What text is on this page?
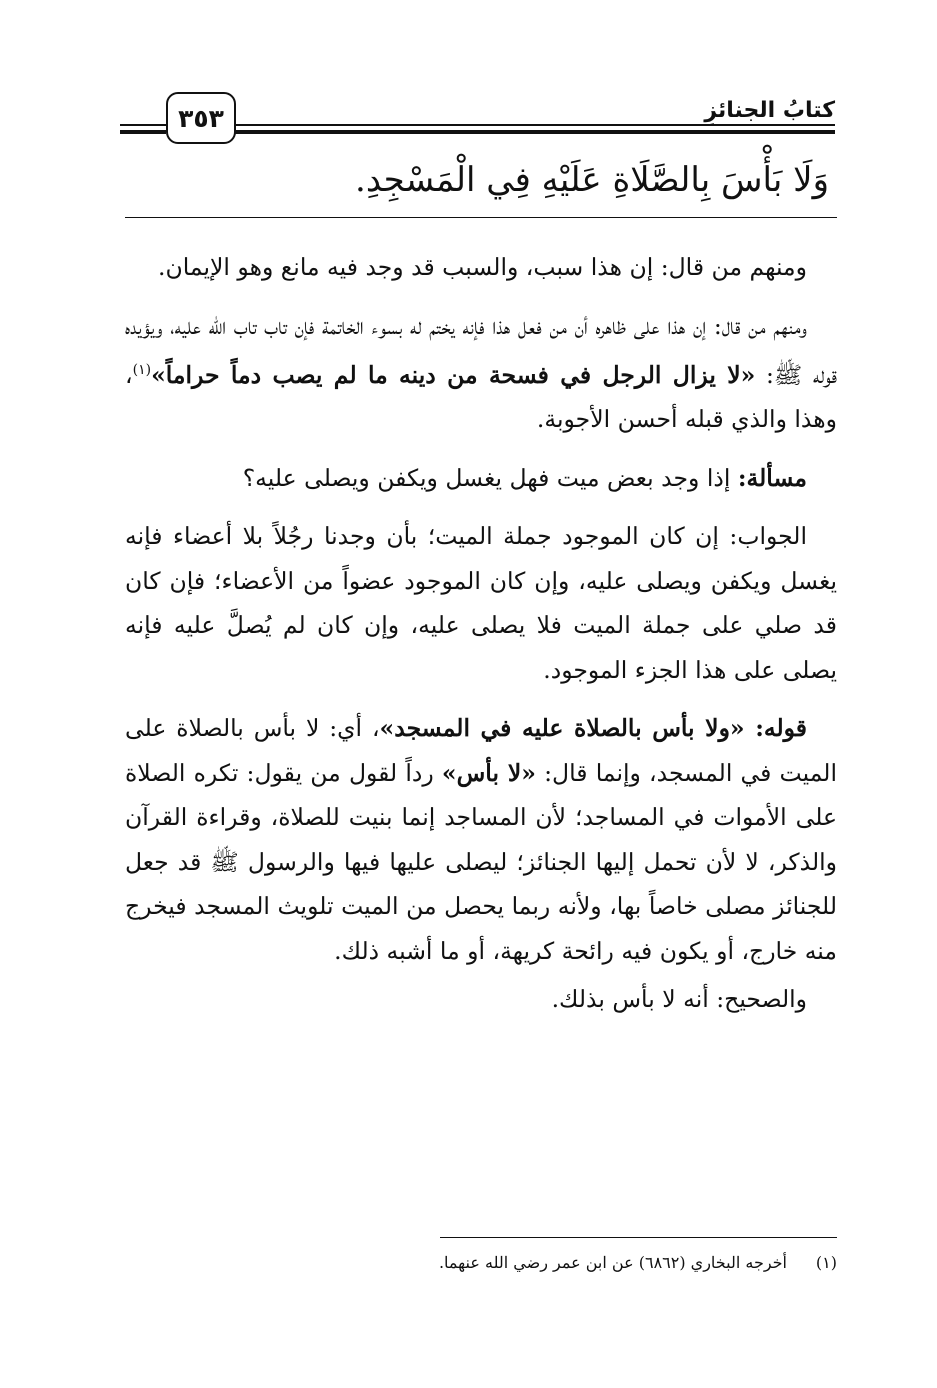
كتابُ الجنائزِ
٣٥٣
وَلَا بَأْسَ بِالصَّلَاةِ عَلَيْهِ فِي الْمَسْجِدِ.

ومنهم من قال: إن هذا سبب، والسبب قد وجد فيه مانع وهو الإيمان.

ومنهم من قال: إن هذا على ظاهره أن من فعل هذا فإنه يختم له بسوء الخاتمة فإن تاب تاب الله عليه، ويؤيده قوله ﷺ: «لا يزال الرجل في فسحة من دينه ما لم يصب دماً حراماً»$^{(١)}$، وهذا والذي قبله أحسن الأجوبة.

مسألة: إذا وجد بعض ميت فهل يغسل ويكفن ويصلى عليه؟

الجواب: إن كان الموجود جملة الميت؛ بأن وجدنا رجُلاً بلا أعضاء فإنه يغسل ويكفن ويصلى عليه، وإن كان الموجود عضواً من الأعضاء؛ فإن كان قد صلي على جملة الميت فلا يصلى عليه، وإن كان لم يُصلَّ عليه فإنه يصلى على هذا الجزء الموجود.

قوله: «ولا بأس بالصلاة عليه في المسجد»، أي: لا بأس بالصلاة على الميت في المسجد، وإنما قال: «لا بأس» رداً لقول من يقول: تكره الصلاة على الأموات في المساجد؛ لأن المساجد إنما بنيت للصلاة، وقراءة القرآن والذكر، لا لأن تحمل إليها الجنائز؛ ليصلى عليها فيها والرسول ﷺ قد جعل للجنائز مصلى خاصاً بها، ولأنه ربما يحصل من الميت تلويث المسجد فيخرج منه خارج، أو يكون فيه رائحة كريهة، أو ما أشبه ذلك.

والصحيح: أنه لا بأس بذلك.

(١)أخرجه البخاري (٦٨٦٢) عن ابن عمر رضي الله عنهما.
